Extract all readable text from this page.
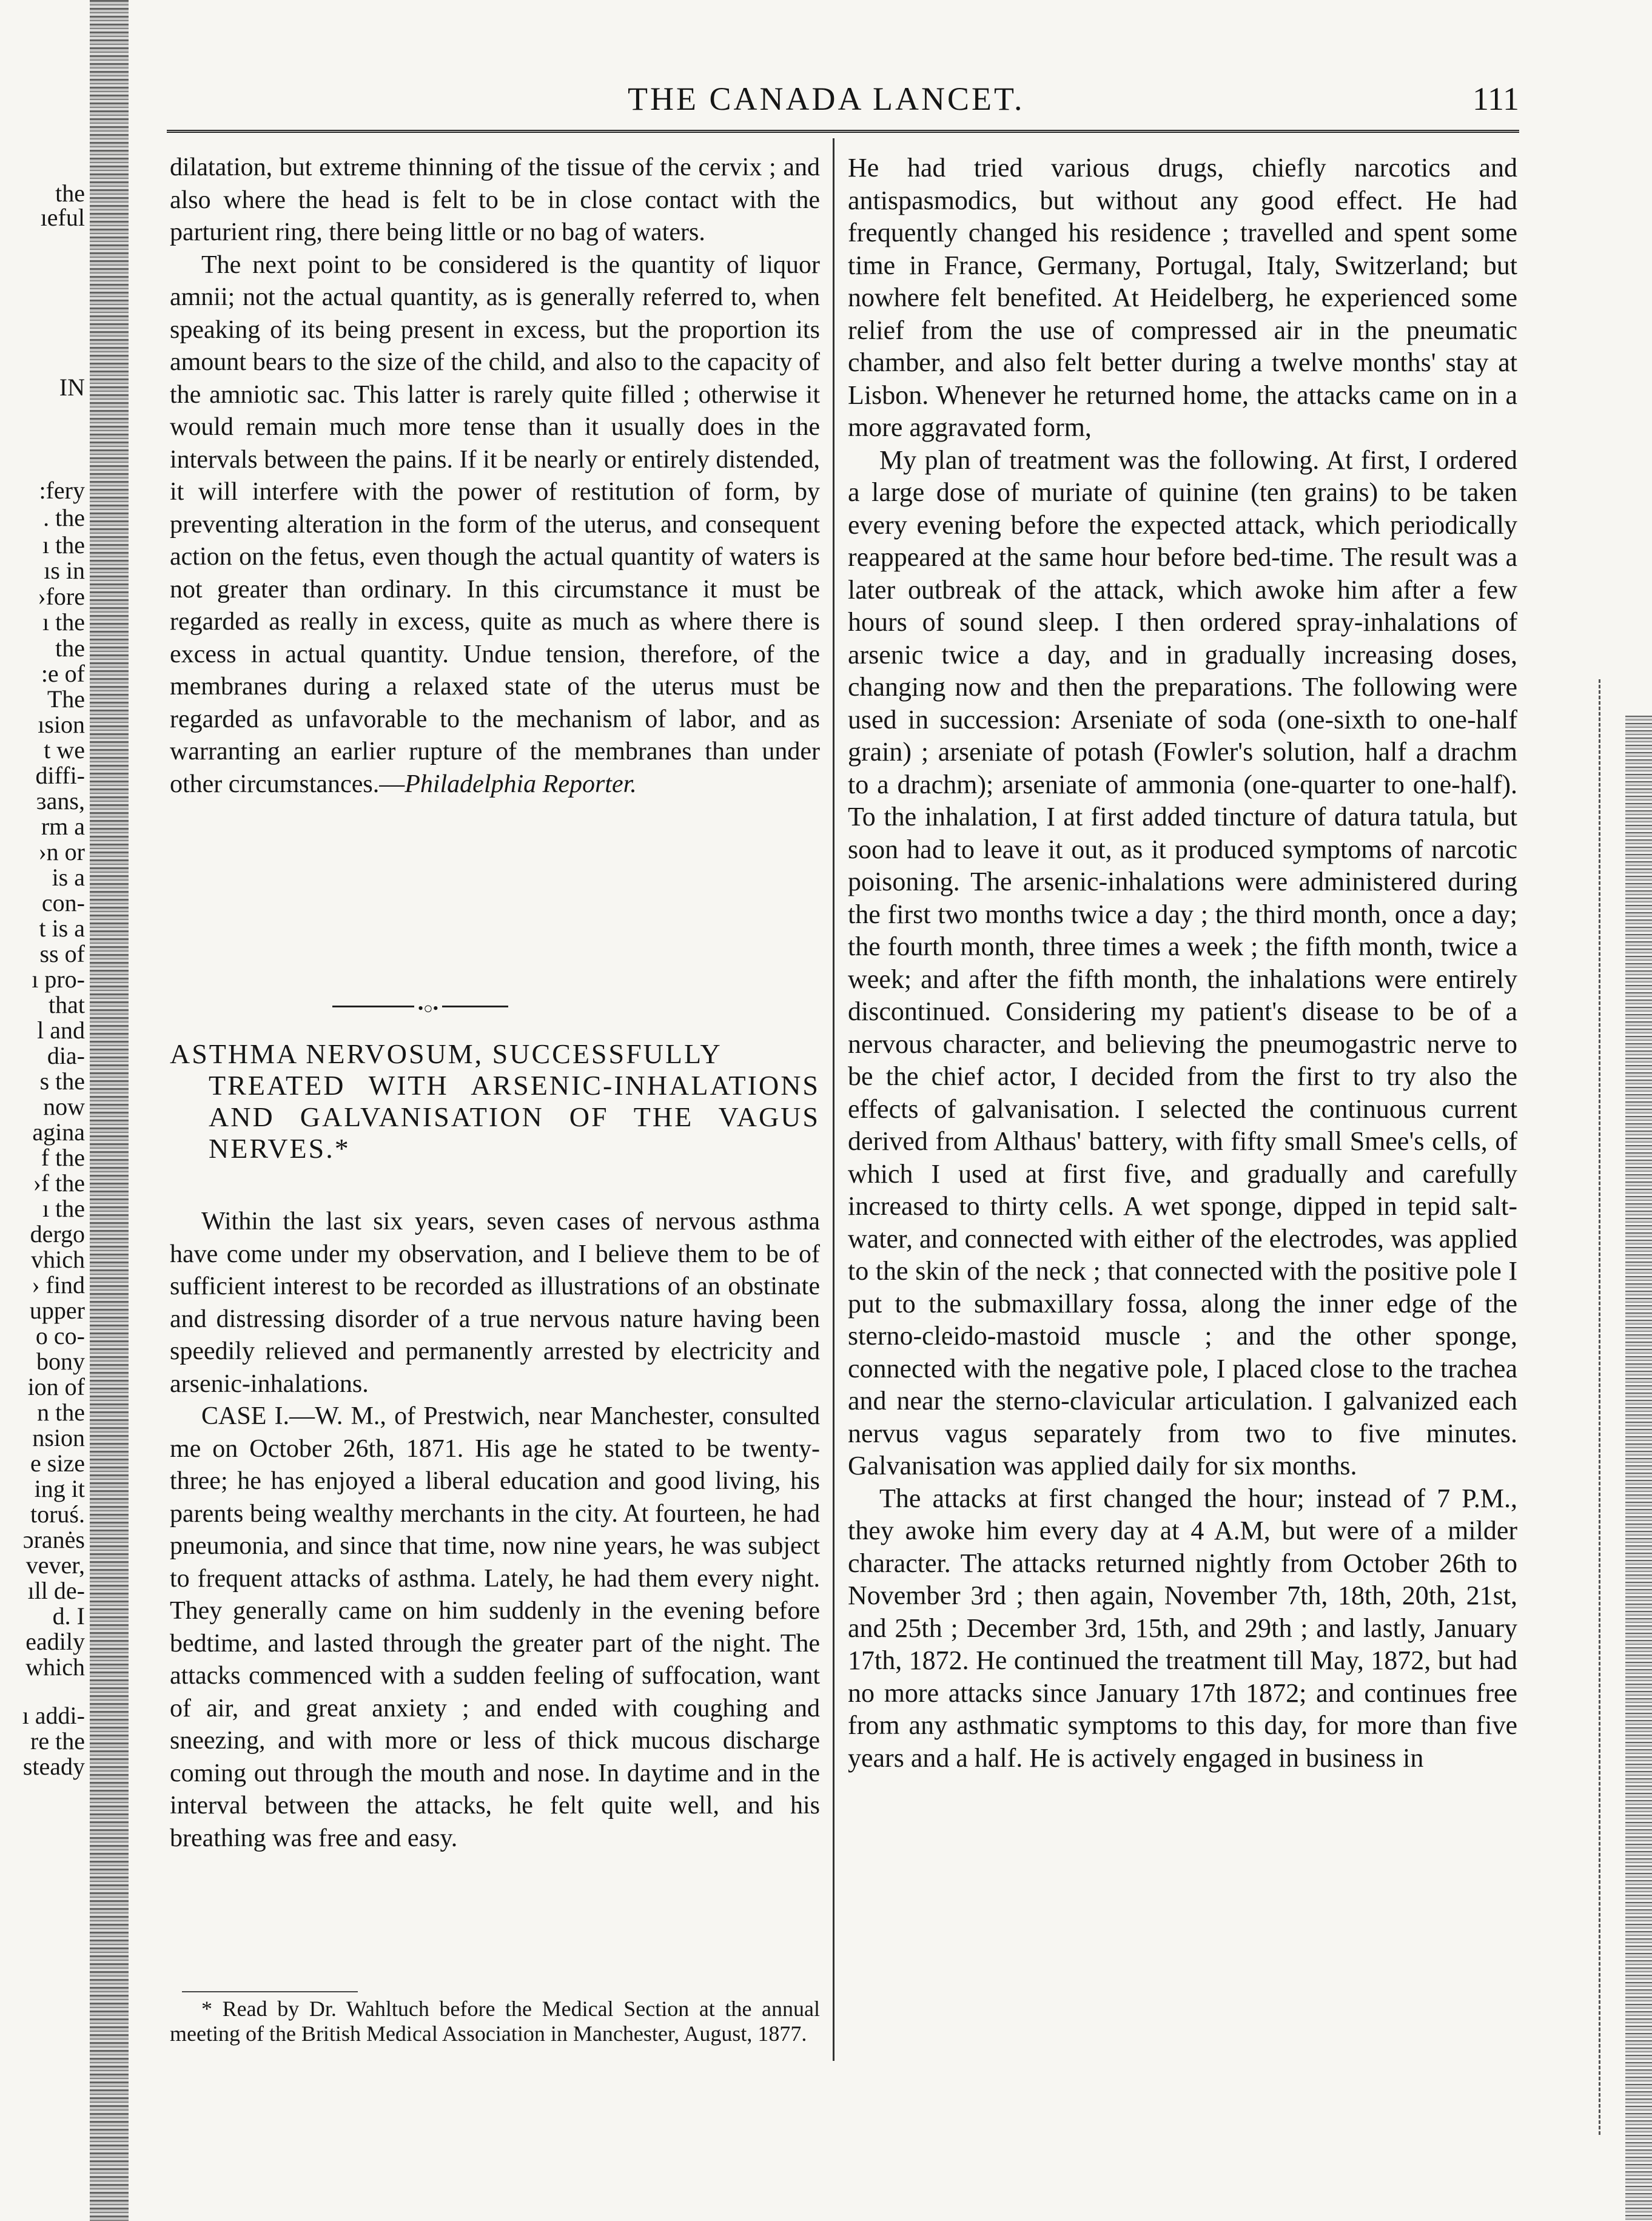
the
ıeful
IN
:fery
. the
ı the
ıs in
›fore
ı the
the
:e of
The
ısion
t we
diffi-
ɜans,
rm a
›n or
is a
con-
t is a
ss of
ı pro-
that
l and
dia-
s the
now
agina
f the
›f the
ı the
dergo
vhich
› find
upper
o co-
bony
ion of
n the
nsion
e size
ing it
toruś.
ɔranės
vever,
ıll de-
d. I
eadily
which
ı addi-
re the
steady
THE CANADA LANCET.	111

dilatation, but extreme thinning of the tissue of the cervix ; and also where the head is felt to be in close contact with the parturient ring, there being little or no bag of waters.

The next point to be considered is the quantity of liquor amnii; not the actual quantity, as is generally referred to, when speaking of its being present in excess, but the proportion its amount bears to the size of the child, and also to the capacity of the amniotic sac. This latter is rarely quite filled ; otherwise it would remain much more tense than it usually does in the intervals between the pains. If it be nearly or entirely distended, it will interfere with the power of restitution of form, by preventing alteration in the form of the uterus, and consequent action on the fetus, even though the actual quantity of waters is not greater than ordinary. In this circumstance it must be regarded as really in excess, quite as much as where there is excess in actual quantity. Undue tension, therefore, of the membranes during a relaxed state of the uterus must be regarded as unfavorable to the mechanism of labor, and as warranting an earlier rupture of the membranes than under other circumstances.—Philadelphia Reporter.

•○•
ASTHMA NERVOSUM, SUCCESSFULLY
TREATED WITH ARSENIC-INHALATIONS AND GALVANISATION OF THE VAGUS NERVES.*

Within the last six years, seven cases of nervous asthma have come under my observation, and I believe them to be of sufficient interest to be recorded as illustrations of an obstinate and distressing disorder of a true nervous nature having been speedily relieved and permanently arrested by electricity and arsenic-inhalations.

CASE I.—W. M., of Prestwich, near Manchester, consulted me on October 26th, 1871. His age he stated to be twenty-three; he has enjoyed a liberal education and good living, his parents being wealthy merchants in the city. At fourteen, he had pneumonia, and since that time, now nine years, he was subject to frequent attacks of asthma. Lately, he had them every night. They generally came on him suddenly in the evening before bedtime, and lasted through the greater part of the night. The attacks commenced with a sudden feeling of suffocation, want of air, and great anxiety ; and ended with coughing and sneezing, and with more or less of thick mucous discharge coming out through the mouth and nose. In daytime and in the interval between the attacks, he felt quite well, and his breathing was free and easy.

* Read by Dr. Wahltuch before the Medical Section at the annual meeting of the British Medical Association in Manchester, August, 1877.

He had tried various drugs, chiefly narcotics and antispasmodics, but without any good effect. He had frequently changed his residence ; travelled and spent some time in France, Germany, Portugal, Italy, Switzerland; but nowhere felt benefited. At Heidelberg, he experienced some relief from the use of compressed air in the pneumatic chamber, and also felt better during a twelve months' stay at Lisbon. Whenever he returned home, the attacks came on in a more aggravated form,

My plan of treatment was the following. At first, I ordered a large dose of muriate of quinine (ten grains) to be taken every evening before the expected attack, which periodically reappeared at the same hour before bed-time. The result was a later outbreak of the attack, which awoke him after a few hours of sound sleep. I then ordered spray-inhalations of arsenic twice a day, and in gradually increasing doses, changing now and then the preparations. The following were used in succession: Arseniate of soda (one-sixth to one-half grain) ; arseniate of potash (Fowler's solution, half a drachm to a drachm); arseniate of ammonia (one-quarter to one-half). To the inhalation, I at first added tincture of datura tatula, but soon had to leave it out, as it produced symptoms of narcotic poisoning. The arsenic-inhalations were administered during the first two months twice a day ; the third month, once a day; the fourth month, three times a week ; the fifth month, twice a week; and after the fifth month, the inhalations were entirely discontinued. Considering my patient's disease to be of a nervous character, and believing the pneumogastric nerve to be the chief actor, I decided from the first to try also the effects of galvanisation. I selected the continuous current derived from Althaus' battery, with fifty small Smee's cells, of which I used at first five, and gradually and carefully increased to thirty cells. A wet sponge, dipped in tepid salt-water, and connected with either of the electrodes, was applied to the skin of the neck ; that connected with the positive pole I put to the submaxillary fossa, along the inner edge of the sterno-cleido-mastoid muscle ; and the other sponge, connected with the negative pole, I placed close to the trachea and near the sterno-clavicular articulation. I galvanized each nervus vagus separately from two to five minutes. Galvanisation was applied daily for six months.

The attacks at first changed the hour; instead of 7 P.M., they awoke him every day at 4 A.M, but were of a milder character. The attacks returned nightly from October 26th to November 3rd ; then again, November 7th, 18th, 20th, 21st, and 25th ; December 3rd, 15th, and 29th ; and lastly, January 17th, 1872. He continued the treatment till May, 1872, but had no more attacks since January 17th 1872; and continues free from any asthmatic symptoms to this day, for more than five years and a half. He is actively engaged in business in
